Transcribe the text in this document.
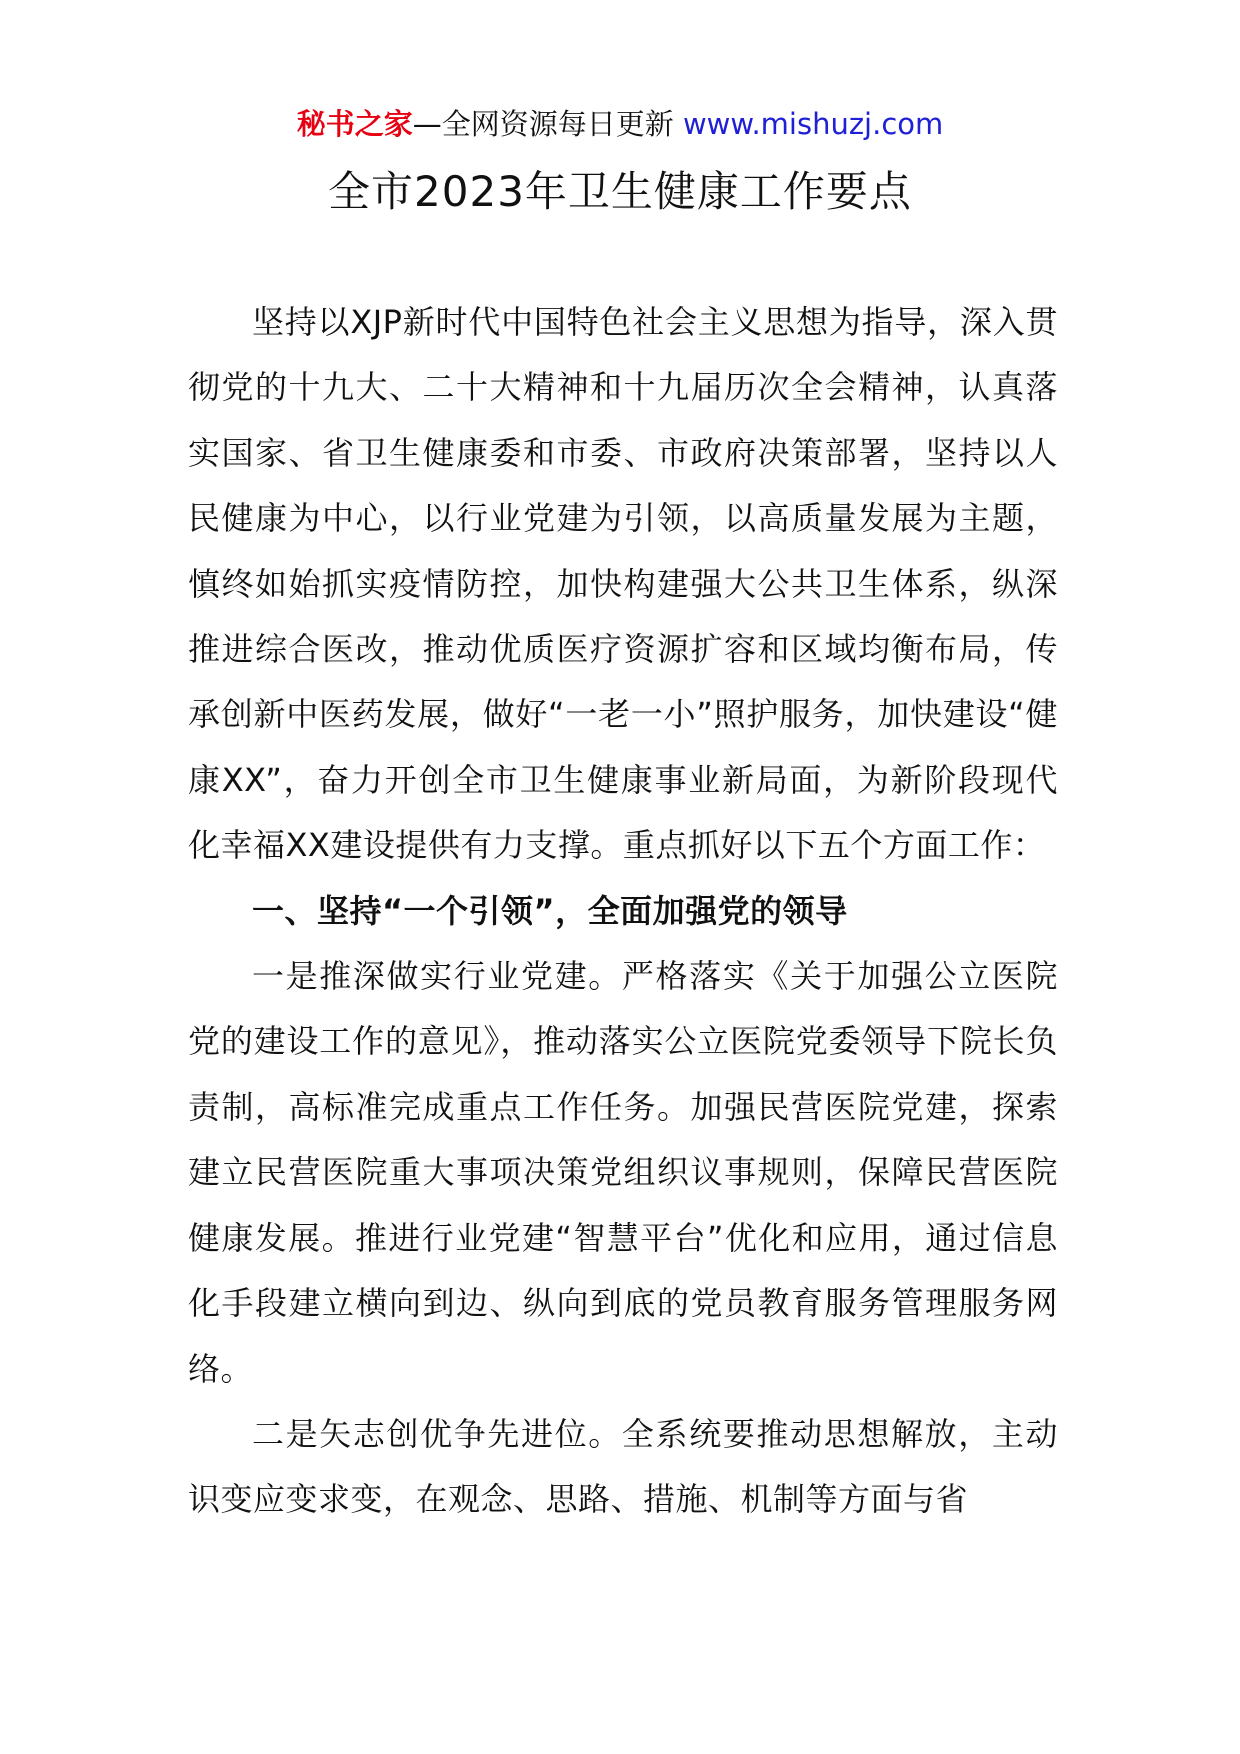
秘书之家—全网资源每日更新 www.mishuzj.com
全市2023年卫生健康工作要点

坚持以XJP新时代中国特色社会主义思想为指导，深入贯彻党的十九大、二十大精神和十九届历次全会精神，认真落实国家、省卫生健康委和市委、市政府决策部署，坚持以人民健康为中心，以行业党建为引领，以高质量发展为主题，慎终如始抓实疫情防控，加快构建强大公共卫生体系，纵深推进综合医改，推动优质医疗资源扩容和区域均衡布局，传承创新中医药发展，做好“一老一小”照护服务，加快建设“健康XX”，奋力开创全市卫生健康事业新局面，为新阶段现代化幸福XX建设提供有力支撑。重点抓好以下五个方面工作：

一、坚持“一个引领”，全面加强党的领导

一是推深做实行业党建。严格落实《关于加强公立医院党的建设工作的意见》，推动落实公立医院党委领导下院长负责制，高标准完成重点工作任务。加强民营医院党建，探索建立民营医院重大事项决策党组织议事规则，保障民营医院健康发展。推进行业党建“智慧平台”优化和应用，通过信息化手段建立横向到边、纵向到底的党员教育服务管理服务网络。

二是矢志创优争先进位。全系统要推动思想解放，主动识变应变求变，在观念、思路、措施、机制等方面与省
